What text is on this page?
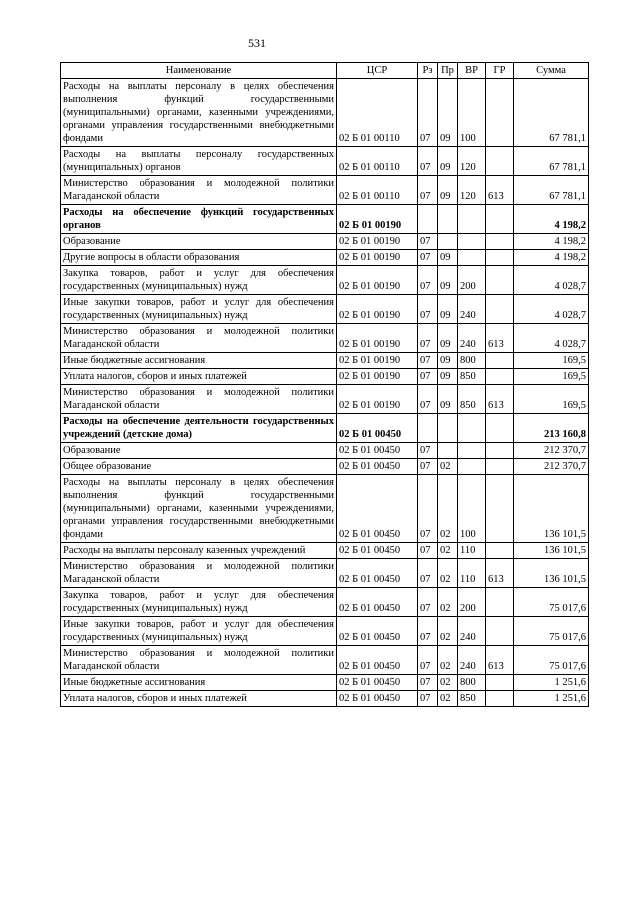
531
Наименование	ЦСР	Рз	Пр	ВР	ГР	Сумма
Расходы на выплаты персоналу в целях обеспечения выполнения функций государственными (муниципальными) органами, казенными учреждениями, органами управления государственными внебюджетными фондами	02 Б 01 00110	07	09	100		67 781,1
Расходы на выплаты персоналу государственных (муниципальных) органов	02 Б 01 00110	07	09	120		67 781,1
Министерство образования и молодежной политики Магаданской области	02 Б 01 00110	07	09	120	613	67 781,1
Расходы на обеспечение функций государственных органов	02 Б 01 00190					4 198,2
Образование	02 Б 01 00190	07				4 198,2
Другие вопросы в области образования	02 Б 01 00190	07	09			4 198,2
Закупка товаров, работ и услуг для обеспечения государственных (муниципальных) нужд	02 Б 01 00190	07	09	200		4 028,7
Иные закупки товаров, работ и услуг для обеспечения государственных (муниципальных) нужд	02 Б 01 00190	07	09	240		4 028,7
Министерство образования и молодежной политики Магаданской области	02 Б 01 00190	07	09	240	613	4 028,7
Иные бюджетные ассигнования	02 Б 01 00190	07	09	800		169,5
Уплата налогов, сборов и иных платежей	02 Б 01 00190	07	09	850		169,5
Министерство образования и молодежной политики Магаданской области	02 Б 01 00190	07	09	850	613	169,5
Расходы на обеспечение деятельности государственных учреждений (детские дома)	02 Б 01 00450					213 160,8
Образование	02 Б 01 00450	07				212 370,7
Общее образование	02 Б 01 00450	07	02			212 370,7
Расходы на выплаты персоналу в целях обеспечения выполнения функций государственными (муниципальными) органами, казенными учреждениями, органами управления государственными внебюджетными фондами	02 Б 01 00450	07	02	100		136 101,5
Расходы на выплаты персоналу казенных учреждений	02 Б 01 00450	07	02	110		136 101,5
Министерство образования и молодежной политики Магаданской области	02 Б 01 00450	07	02	110	613	136 101,5
Закупка товаров, работ и услуг для обеспечения государственных (муниципальных) нужд	02 Б 01 00450	07	02	200		75 017,6
Иные закупки товаров, работ и услуг для обеспечения государственных (муниципальных) нужд	02 Б 01 00450	07	02	240		75 017,6
Министерство образования и молодежной политики Магаданской области	02 Б 01 00450	07	02	240	613	75 017,6
Иные бюджетные ассигнования	02 Б 01 00450	07	02	800		1 251,6
Уплата налогов, сборов и иных платежей	02 Б 01 00450	07	02	850		1 251,6
